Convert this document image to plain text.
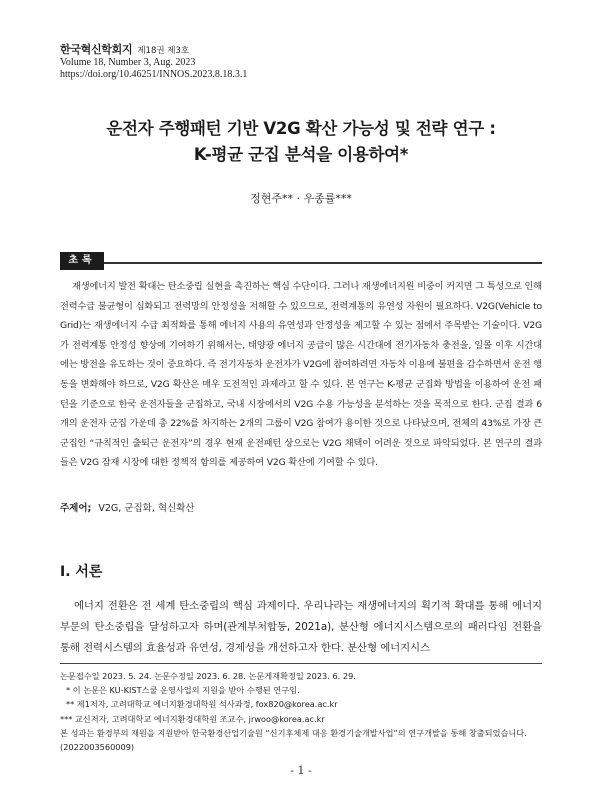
한국혁신학회지 제18권 제3호
Volume 18, Number 3, Aug. 2023
https://doi.org/10.46251/INNOS.2023.8.18.3.1
운전자 주행패턴 기반 V2G 확산 가능성 및 전략 연구 :
K-평균 군집 분석을 이용하여*
정현주** · 우종률***
초록

재생에너지 발전 확대는 탄소중립 실현을 촉진하는 핵심 수단이다. 그러나 재생에너지원 비중이 커지면 그 특성으로 인해 전력수급 불균형이 심화되고 전력망의 안정성을 저해할 수 있으므로, 전력계통의 유연성 자원이 필요하다. V2G(Vehicle to Grid)는 재생에너지 수급 최적화를 통해 에너지 사용의 유연성과 안정성을 제고할 수 있는 점에서 주목받는 기술이다. V2G가 전력계통 안정성 향상에 기여하기 위해서는, 태양광 에너지 공급이 많은 시간대에 전기자동차 충전을, 일몰 이후 시간대에는 방전을 유도하는 것이 중요하다. 즉 전기자동차 운전자가 V2G에 참여하려면 자동차 이용에 불편을 감수하면서 운전 행동을 변화해야 하므로, V2G 확산은 매우 도전적인 과제라고 할 수 있다. 본 연구는 K-평균 군집화 방법을 이용하여 운전 패턴을 기준으로 한국 운전자들을 군집하고, 국내 시장에서의 V2G 수용 가능성을 분석하는 것을 목적으로 한다. 군집 결과 6개의 운전자 군집 가운데 총 22%를 차지하는 2개의 그룹이 V2G 참여가 용이한 것으로 나타났으며, 전체의 43%로 가장 큰 군집인 “규칙적인 출퇴근 운전자”의 경우 현재 운전패턴 상으로는 V2G 채택이 어려운 것으로 파악되었다. 본 연구의 결과들은 V2G 잠재 시장에 대한 정책적 함의를 제공하여 V2G 확산에 기여할 수 있다.

주제어; V2G, 군집화, 혁신확산
Ⅰ. 서론

에너지 전환은 전 세계 탄소중립의 핵심 과제이다. 우리나라는 재생에너지의 획기적 확대를 통해 에너지 부문의 탄소중립을 달성하고자 하며(관계부처합동, 2021a), 분산형 에너지시스템으로의 패러다임 전환을 통해 전력시스템의 효율성과 유연성, 경제성을 개선하고자 한다. 분산형 에너지시스

논문접수일 2023. 5. 24. 논문수정일 2023. 6. 28. 논문게재확정일 2023. 6. 29.

* 이 논문은 KU-KIST스쿨 운영사업의 지원을 받아 수행된 연구임.

** 제1저자, 고려대학교 에너지환경대학원 석사과정, fox820@korea.ac.kr

*** 교신저자, 고려대학교 에너지환경대학원 조교수, jrwoo@korea.ac.kr

본 성과는 환경부의 재원을 지원받아 한국환경산업기술원 “신기후체제 대응 환경기술개발사업”의 연구개발을 통해 창출되었습니다. (2022003560009)

- 1 -
